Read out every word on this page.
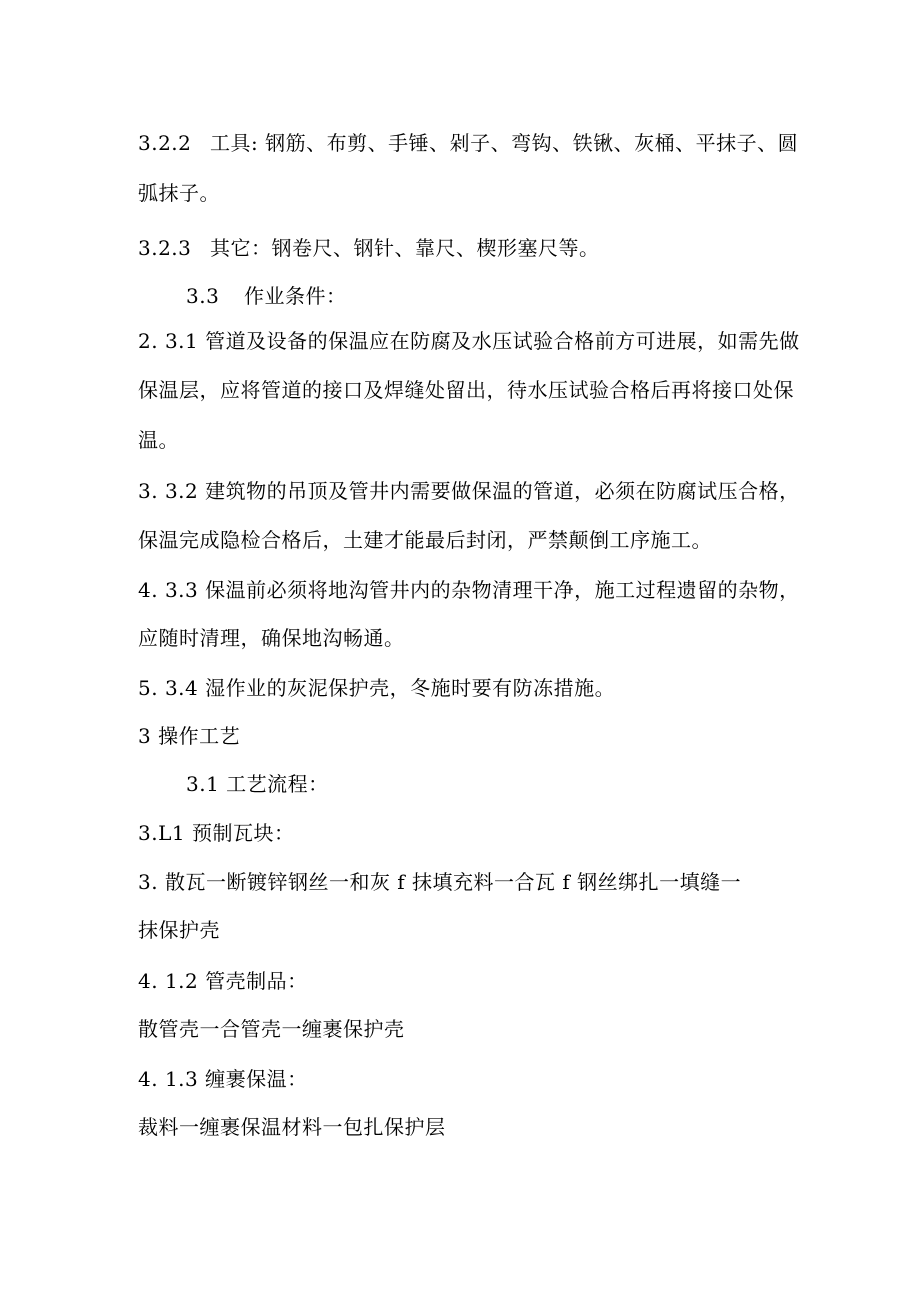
3.2.2 工具: 钢筋、布剪、手锤、剁子、弯钩、铁锹、灰桶、平抹子、圆
弧抹子。
3.2.3 其它：钢卷尺、钢针、靠尺、楔形塞尺等。
3.3 作业条件：
2. 3.1 管道及设备的保温应在防腐及水压试验合格前方可进展，如需先做
保温层，应将管道的接口及焊缝处留出，待水压试验合格后再将接口处保
温。
3. 3.2 建筑物的吊顶及管井内需要做保温的管道，必须在防腐试压合格，
保温完成隐检合格后，土建才能最后封闭，严禁颠倒工序施工。
4. 3.3 保温前必须将地沟管井内的杂物清理干净，施工过程遗留的杂物，
应随时清理，确保地沟畅通。
5. 3.4 湿作业的灰泥保护壳，冬施时要有防冻措施。
3 操作工艺
3.1 工艺流程：
3.L1 预制瓦块：
3. 散瓦一断镀锌钢丝一和灰 f 抹填充料一合瓦 f 钢丝绑扎一填缝一
抹保护壳
4. 1.2 管壳制品：
散管壳一合管壳一缠裹保护壳
4. 1.3 缠裹保温：
裁料一缠裹保温材料一包扎保护层
